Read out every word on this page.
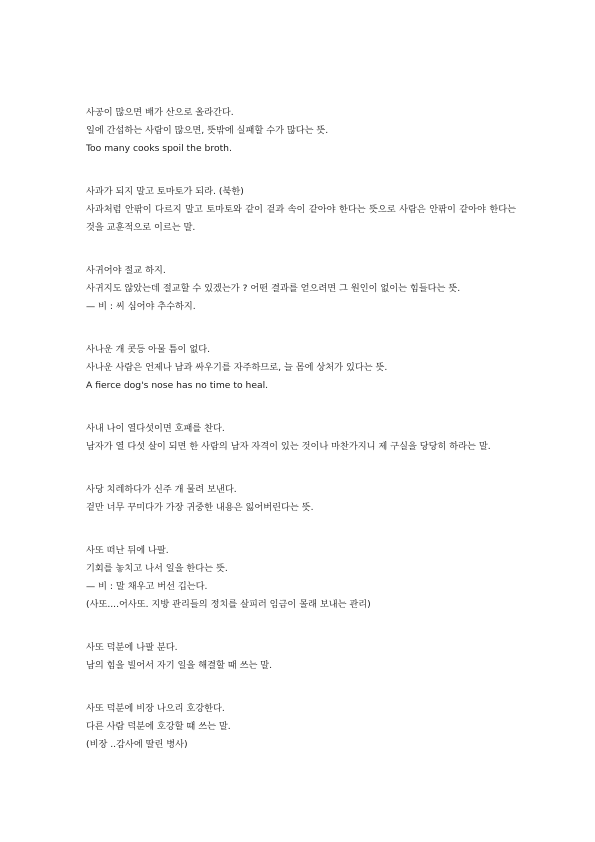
사공이 많으면 배가 산으로 올라간다.
일에 간섭하는 사람이 많으면, 뜻밖에 실패할 수가 많다는 뜻.
Too many cooks spoil the broth.
사과가 되지 말고 토마토가 되라. (북한)
사과처럼 안팎이 다르지 말고 토마토와 같이 겉과 속이 같아야 한다는 뜻으로 사람은 안팎이 같아야 한다는 것을 교훈적으로 이르는 말.
사귀어야 절교 하지.
사귀지도 않았는데 절교할 수 있겠는가 ? 어떤 결과를 얻으려면 그 원인이 없이는 힘들다는 뜻.
— 비 : 씨 심어야 추수하지.
사나운 개 콧등 아물 틈이 없다.
사나운 사람은 언제나 남과 싸우기를 자주하므로, 늘 몸에 상처가 있다는 뜻.
A fierce dog's nose has no time to heal.
사내 나이 열다섯이면 호패를 찬다.
남자가 열 다섯 살이 되면 한 사람의 남자 자격이 있는 것이나 마찬가지니 제 구실을 당당히 하라는 말.
사당 치레하다가 신주 개 물려 보낸다.
겉만 너무 꾸미다가 가장 귀중한 내용은 잃어버린다는 뜻.
사또 떠난 뒤에 나팔.
기회를 놓치고 나서 일을 한다는 뜻.
— 비 : 말 채우고 버선 깁는다.
(사또....어사또. 지방 관리들의 정치를 살피러 임금이 몰래 보내는 관리)
사또 덕분에 나팔 분다.
남의 힘을 빌어서 자기 일을 해결할 때 쓰는 말.
사또 덕분에 비장 나으리 호강한다.
다른 사람 덕분에 호강할 때 쓰는 말.
(비장 ..감사에 딸린 병사)
